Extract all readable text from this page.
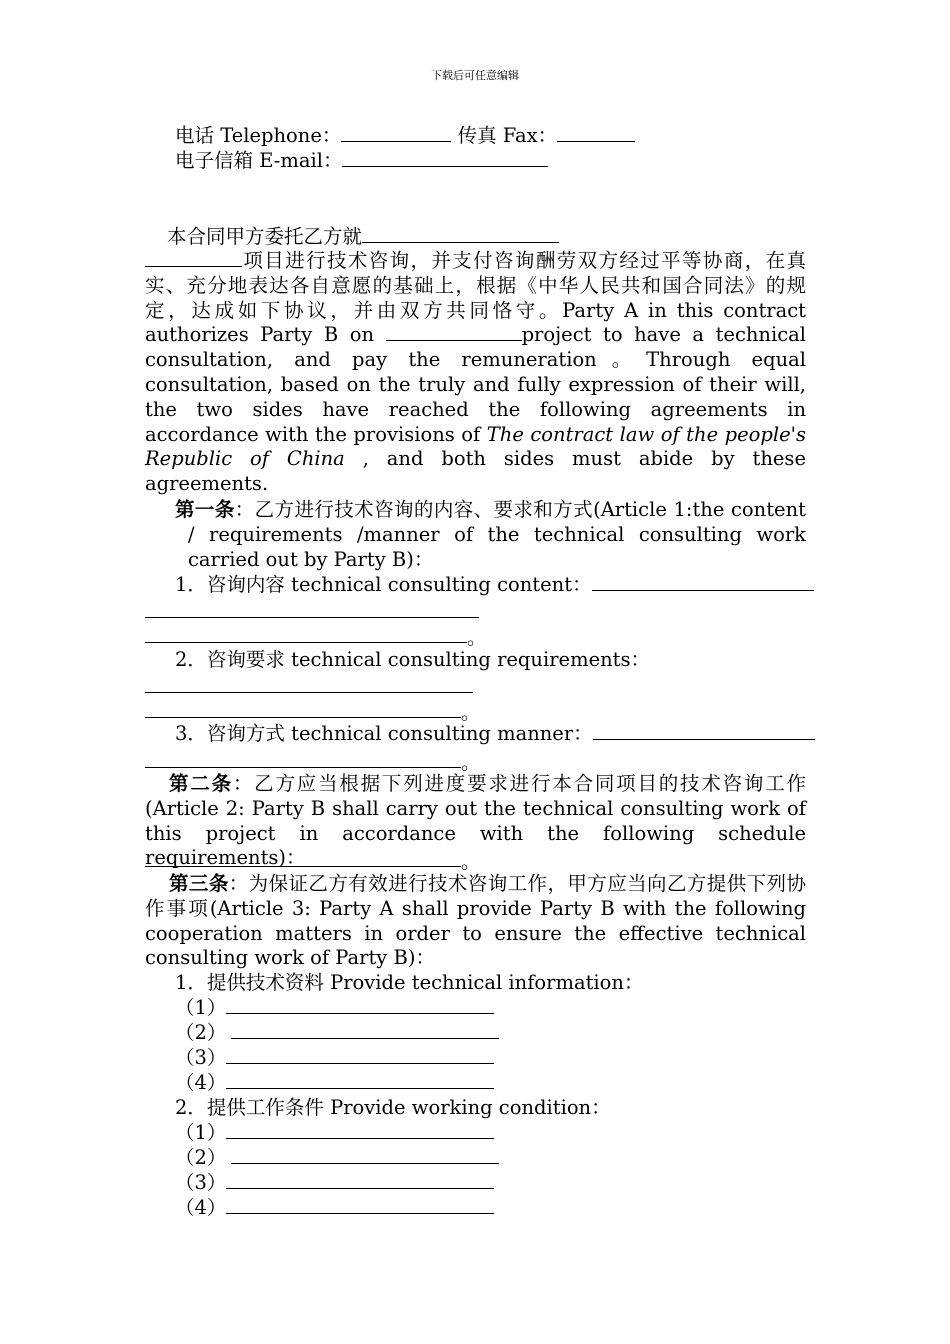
下载后可任意编辑
电话 Telephone：	传真 Fax：
电子信箱 E-mail：
本合同甲方委托乙方就
项目进行技术咨询，并支付咨询酬劳双方经过平等协商，在真实、充分地表达各自意愿的基础上，根据《中华人民共和国合同法》的规定，达成如下协议，并由双方共同恪守。Party A in this contract authorizes Party B on	project to have a technical consultation, and pay the remuneration。Through equal consultation, based on the truly and fully expression of their will, the two sides have reached the following agreements in accordance with the provisions of The contract law of the people's Republic of China , and both sides must abide by these agreements.
第一条：乙方进行技术咨询的内容、要求和方式(Article 1:the content / requirements /manner of the technical consulting work carried out by Party B)：
1．咨询内容 technical consulting content：
。
2．咨询要求 technical consulting requirements：
。
3．咨询方式 technical consulting manner：
。
第二条：乙方应当根据下列进度要求进行本合同项目的技术咨询工作(Article 2: Party B shall carry out the technical consulting work of this project in accordance with the following schedule requirements)：	。
第三条：为保证乙方有效进行技术咨询工作，甲方应当向乙方提供下列协作事项(Article 3: Party A shall provide Party B with the following cooperation matters in order to ensure the effective technical consulting work of Party B)：
1．提供技术资料 Provide technical information：
（1）
（2）
（3）
（4）
2．提供工作条件 Provide working condition：
（1）
（2）
（3）
（4）
